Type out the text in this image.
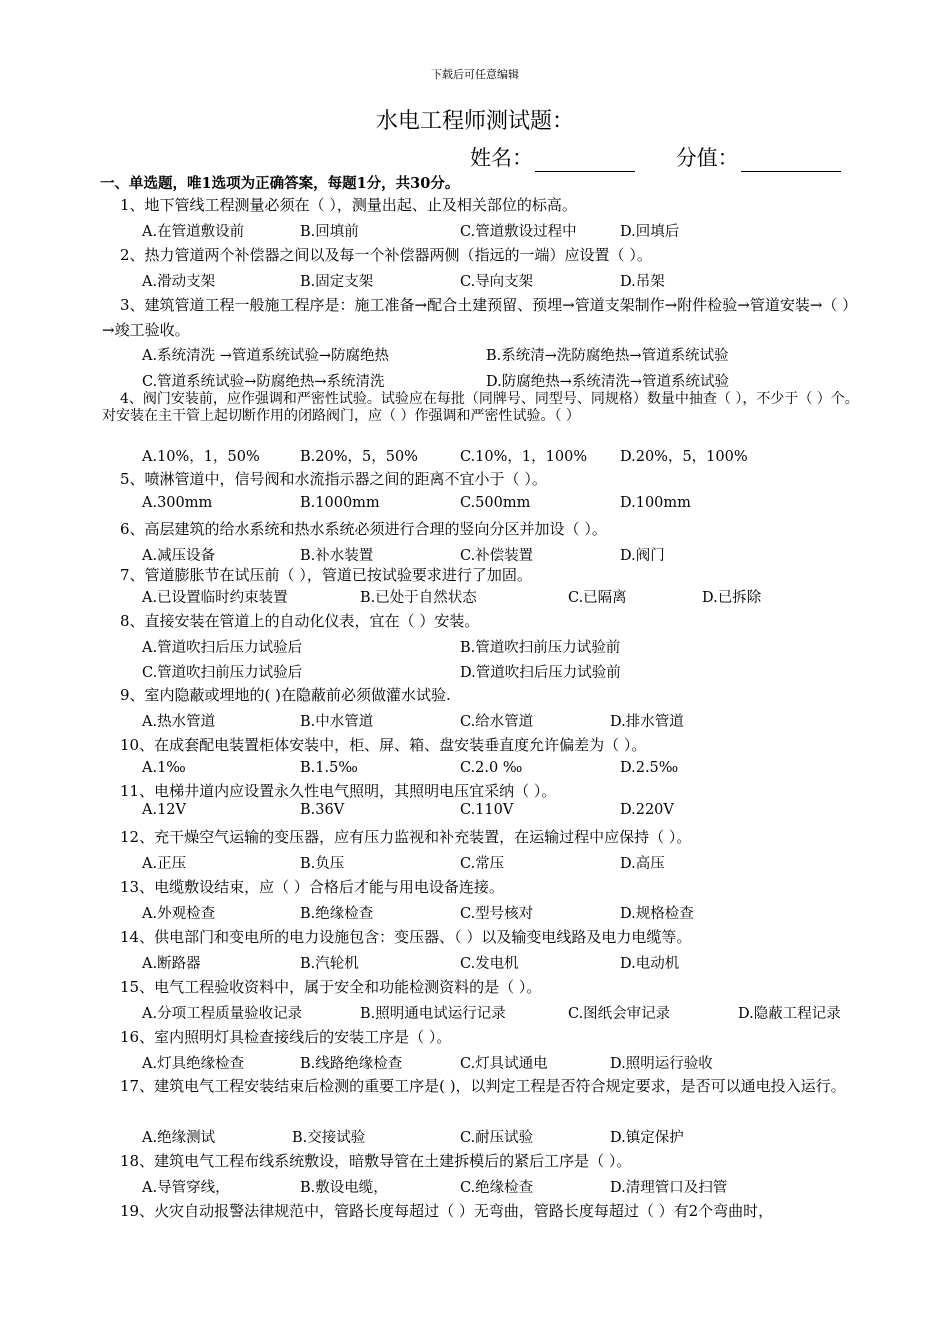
下载后可任意编辑
水电工程师测试题：
姓名：	分值：
一、单选题，唯1选项为正确答案，每题1分，共30分。
1、地下管线工程测量必须在（ ），测量出起、止及相关部位的标高。
A.在管道敷设前	B.回填前	C.管道敷设过程中	D.回填后
2、热力管道两个补偿器之间以及每一个补偿器两侧（指远的一端）应设置（ ）。
A.滑动支架	B.固定支架	C.导向支架	D.吊架
3、建筑管道工程一般施工程序是：施工准备→配合土建预留、预埋→管道支架制作→附件检验→管道安装→（ ）→竣工验收。
A.系统清洗 →管道系统试验→防腐绝热	B.系统清→洗防腐绝热→管道系统试验
C.管道系统试验→防腐绝热→系统清洗	D.防腐绝热→系统清洗→管道系统试验
4、阀门安装前，应作强调和严密性试验。试验应在每批（同牌号、同型号、同规格）数量中抽查（ ），不少于（ ）个。对安装在主干管上起切断作用的闭路阀门，应（ ）作强调和严密性试验。（ ）
A.10%，1，50%	B.20%，5，50%	C.10%，1，100% D.20%，5，100%
5、喷淋管道中，信号阀和水流指示器之间的距离不宜小于（ ）。
A.300mm	B.1000mm	C.500mm	D.100mm
6、高层建筑的给水系统和热水系统必须进行合理的竖向分区并加设（ ）。
A.减压设备	B.补水装置	C.补偿装置	D.阀门
7、管道膨胀节在试压前（ ），管道已按试验要求进行了加固。
A.已设置临时约束装置	B.已处于自然状态	C.已隔离	D.已拆除
8、直接安装在管道上的自动化仪表，宜在（ ）安装。
A.管道吹扫后压力试验后	B.管道吹扫前压力试验前
C.管道吹扫前压力试验后	D.管道吹扫后压力试验前
9、室内隐蔽或埋地的( )在隐蔽前必须做灌水试验.
A.热水管道	B.中水管道	C.给水管道	D.排水管道
10、在成套配电装置柜体安装中，柜、屏、箱、盘安装垂直度允许偏差为（ ）。
A.1‰	B.1.5‰	C.2.0 ‰	D.2.5‰
11、电梯井道内应设置永久性电气照明，其照明电压宜采纳（ ）。
A.12V	B.36V	C.110V	D.220V
12、充干燥空气运输的变压器，应有压力监视和补充装置，在运输过程中应保持（ ）。
A.正压	B.负压	C.常压	D.高压
13、电缆敷设结束，应（ ）合格后才能与用电设备连接。
A.外观检查	B.绝缘检查	C.型号核对	D.规格检查
14、供电部门和变电所的电力设施包含：变压器、（ ）以及输变电线路及电力电缆等。
A.断路器	B.汽轮机	C.发电机	D.电动机
15、电气工程验收资料中，属于安全和功能检测资料的是（ ）。
A.分项工程质量验收记录	B.照明通电试运行记录	C.图纸会审记录	D.隐蔽工程记录
16、室内照明灯具检查接线后的安装工序是（ ）。
A.灯具绝缘检查	B.线路绝缘检查	C.灯具试通电	D.照明运行验收
17、建筑电气工程安装结束后检测的重要工序是( )，以判定工程是否符合规定要求，是否可以通电投入运行。
A.绝缘测试	B.交接试验	C.耐压试验	D.镇定保护
18、建筑电气工程布线系统敷设，暗敷导管在土建拆模后的紧后工序是（ ）。
A.导管穿线，	B.敷设电缆，	C.绝缘检查	D.清理管口及扫管
19、火灾自动报警法律规范中，管路长度每超过（ ）无弯曲，管路长度每超过（ ）有2个弯曲时，
